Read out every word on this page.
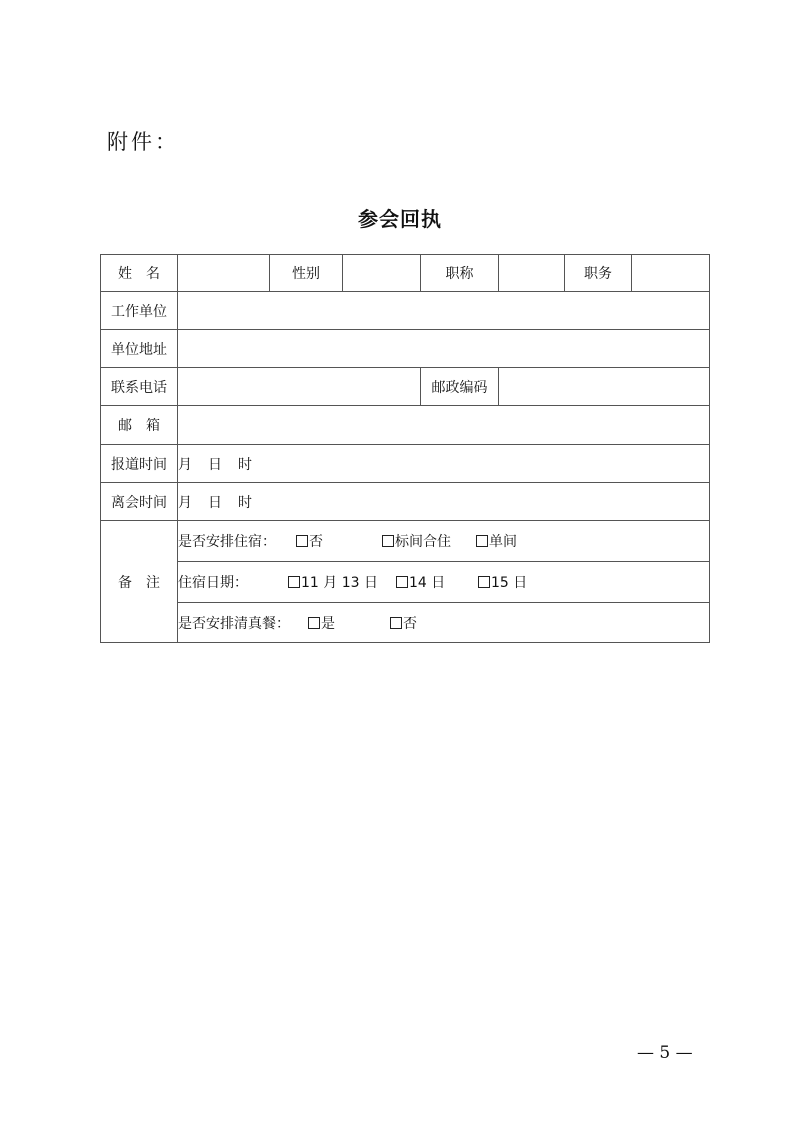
附件：
参会回执
姓　名		性别		职称		职务	
工作单位							
单位地址							
联系电话				邮政编码			
邮　箱							
报道时间	月 日 时						
离会时间	月 日 时						
备　注	是否安排住宿： 否 标间合住 单间						
	住宿日期： 11 月 13 日 14 日 15 日						
	是否安排清真餐： 是 否						
— 5 —
